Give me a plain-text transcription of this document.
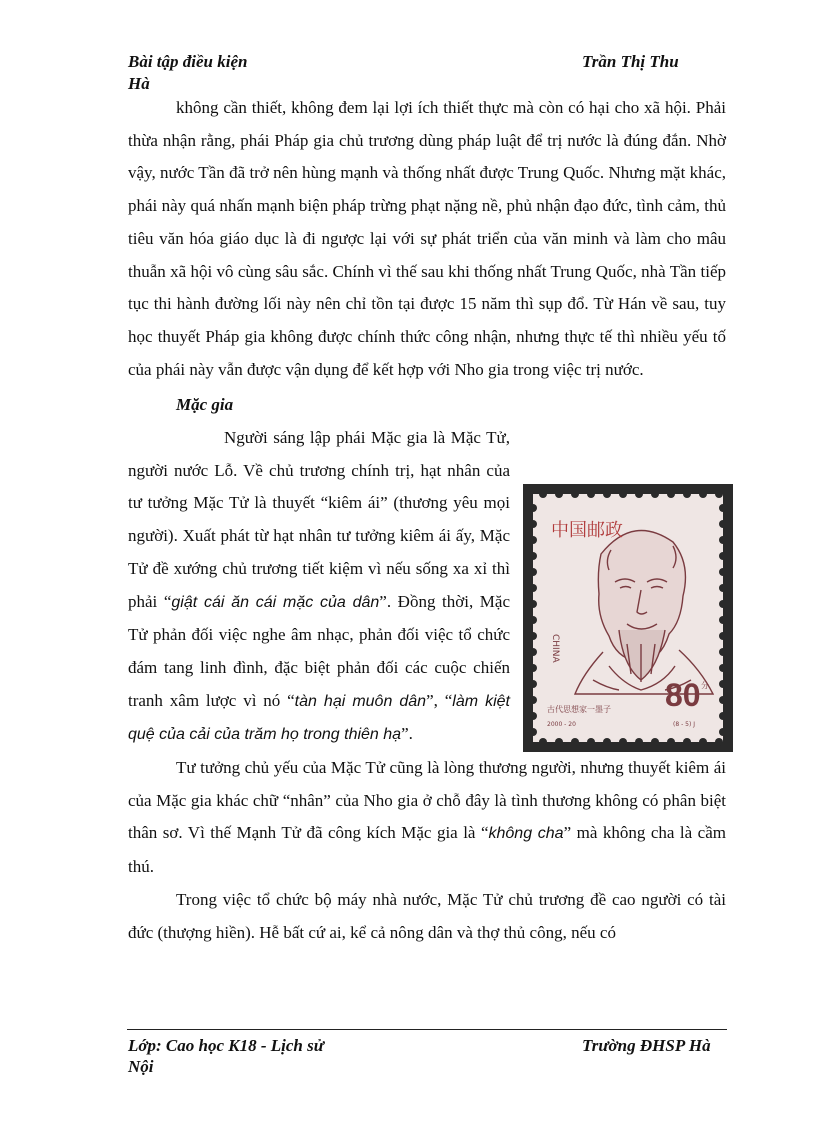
Bài tập điều kiện
Hà
Trần Thị Thu

không cần thiết, không đem lại lợi ích thiết thực mà còn có hại cho xã hội. Phải thừa nhận rằng, phái Pháp gia chủ trương dùng pháp luật để trị nước là đúng đắn. Nhờ vậy, nước Tần đã trở nên hùng mạnh và thống nhất được Trung Quốc. Nhưng mặt khác, phái này quá nhấn mạnh biện pháp trừng phạt nặng nề, phủ nhận đạo đức, tình cảm, thủ tiêu văn hóa giáo dục là đi ngược lại với sự phát triển của văn minh và làm cho mâu thuẫn xã hội vô cùng sâu sắc. Chính vì thế sau khi thống nhất Trung Quốc, nhà Tần tiếp tục thi hành đường lối này nên chỉ tồn tại được 15 năm thì sụp đổ. Từ Hán về sau, tuy học thuyết Pháp gia không được chính thức công nhận, nhưng thực tế thì nhiều yếu tố của phái này vẫn được vận dụng để kết hợp với Nho gia trong việc trị nước.

Mặc gia

Người sáng lập phái Mặc gia là Mặc Tử, người nước Lỗ. Về chủ trương chính trị, hạt nhân của tư tưởng Mặc Tử là thuyết “kiêm ái” (thương yêu mọi người). Xuất phát từ hạt nhân tư tưởng kiêm ái ấy, Mặc Tử đề xướng chủ trương tiết kiệm vì nếu sống xa xỉ thì phải “giật cái ăn cái mặc của dân”. Đồng thời, Mặc Tử phản đối việc nghe âm nhạc, phản đối việc tổ chức đám tang linh đình, đặc biệt phản đối các cuộc chiến tranh xâm lược vì nó “tàn hại muôn dân”, “làm kiệt quệ của cải của trăm họ trong thiên hạ”.

Tư tưởng chủ yếu của Mặc Tử cũng là lòng thương người, nhưng thuyết kiêm ái của Mặc gia khác chữ “nhân” của Nho gia ở chỗ đây là tình thương không có phân biệt thân sơ. Vì thế Mạnh Tử đã công kích Mặc gia là “không cha” mà không cha là cầm thú.

Trong việc tổ chức bộ máy nhà nước, Mặc Tử chủ trương đề cao người có tài đức (thượng hiền). Hễ bất cứ ai, kể cả nông dân và thợ thủ công, nếu có

中国邮政
CHINA
80 分
古代思想家一墨子
2000 - 20	(8 - 5) J
Lớp: Cao học K18 - Lịch sử
Nội
Trường ĐHSP Hà
